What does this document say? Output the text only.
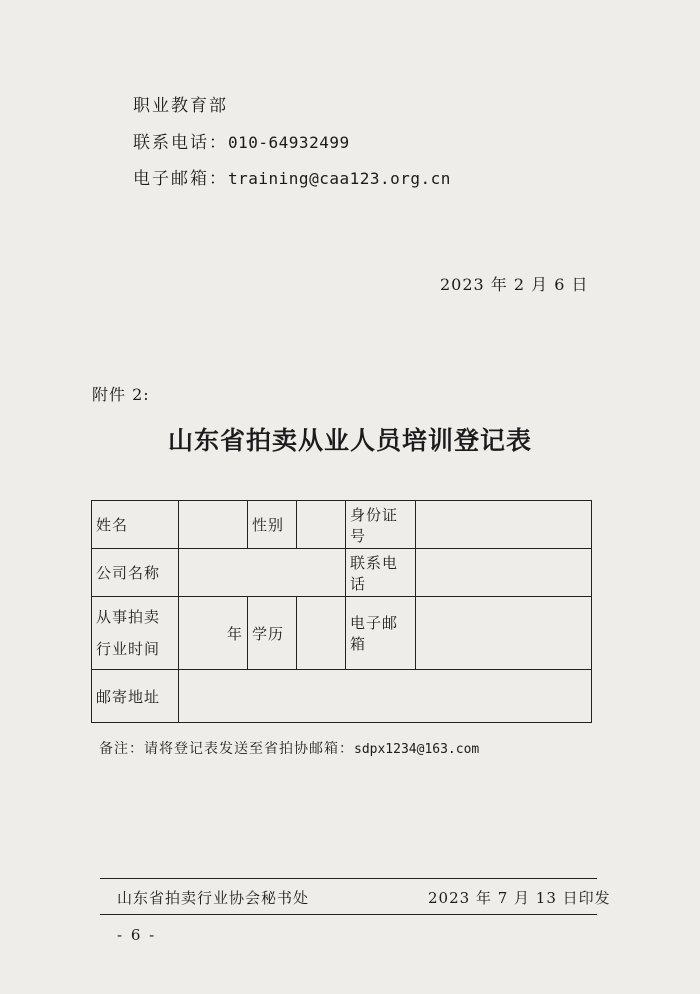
职业教育部
联系电话：010-64932499
电子邮箱：training@caa123.org.cn
2023 年 2 月 6 日
附件 2:
山东省拍卖从业人员培训登记表
姓名		性别		身份证号	
公司名称				联系电话	

从事拍卖
行业时间	年	学历		电子邮箱	
邮寄地址					
备注：请将登记表发送至省拍协邮箱：sdpx1234@163.com
山东省拍卖行业协会秘书处	2023 年 7 月 13 日印发
- 6 -
